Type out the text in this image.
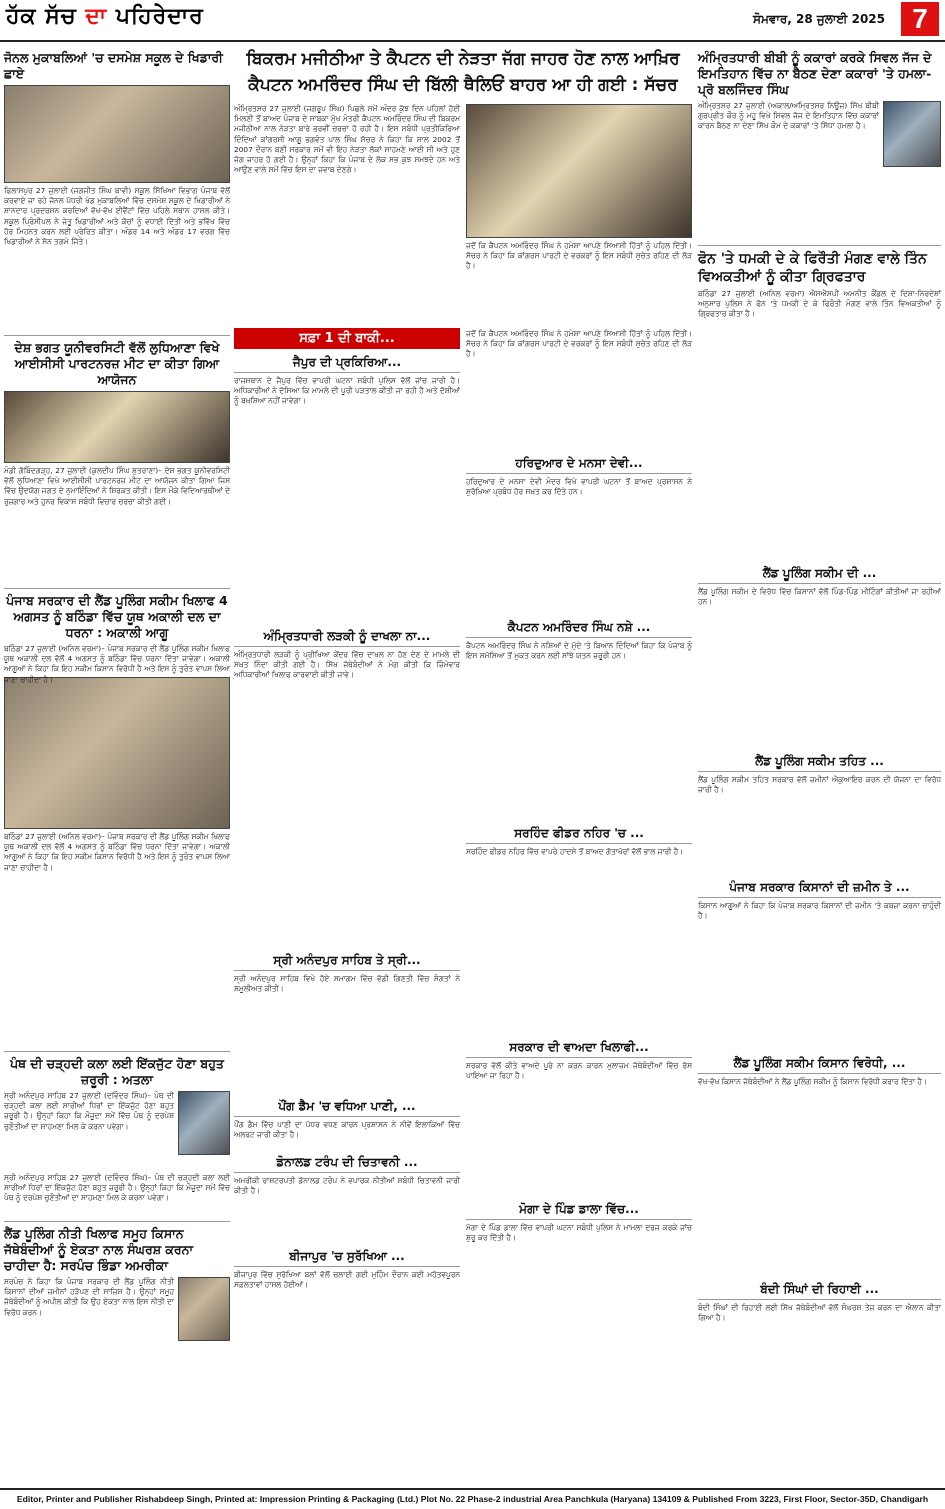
ਹੱਕ ਸੱਚ ਦਾ ਪਹਿਰੇਦਾਰ	ਸੋਮਵਾਰ, 28 ਜੁਲਾਈ 2025 7
ਬਿਕਰਮ ਮਜੀਠੀਆ ਤੇ ਕੈਪਟਨ ਦੀ ਨੇੜਤਾ ਜੱਗ ਜਾਹਰ ਹੋਣ ਨਾਲ ਆਖ਼ਿਰ ਕੈਪਟਨ ਅਮਰਿੰਦਰ ਸਿੰਘ ਦੀ ਬਿੱਲੀ ਥੈਲਿਓਂ ਬਾਹਰ ਆ ਹੀ ਗਈ : ਸੱਚਰ
ਜੋਨਲ ਮੁਕਾਬਲਿਆਂ 'ਚ ਦਸਮੇਸ਼ ਸਕੂਲ ਦੇ ਖਿਡਾਰੀ ਛਾਏ
ਫਿਲਾਸਪੁਰ 27 ਜੁਲਾਈ (ਜਗਜੀਤ ਸਿੰਘ ਬਾਵੀ) ਸਕੂਲ ਸਿੱਖਿਆ ਵਿਭਾਗ ਪੰਜਾਬ ਵੱਲੋਂ ਕਰਵਾਏ ਜਾ ਰਹੇ ਜੋਨਲ ਪੱਧਰੀ ਖੇਡ ਮੁਕਾਬਲਿਆਂ ਵਿੱਚ ਦਸਮੇਸ਼ ਸਕੂਲ ਦੇ ਖਿਡਾਰੀਆਂ ਨੇ ਸ਼ਾਨਦਾਰ ਪ੍ਰਦਰਸ਼ਨ ਕਰਦਿਆਂ ਵੱਖ-ਵੱਖ ਈਵੈਂਟਾਂ ਵਿੱਚ ਪਹਿਲੇ ਸਥਾਨ ਹਾਸਲ ਕੀਤੇ। ਸਕੂਲ ਪ੍ਰਿੰਸੀਪਲ ਨੇ ਜੇਤੂ ਖਿਡਾਰੀਆਂ ਅਤੇ ਕੋਚਾਂ ਨੂੰ ਵਧਾਈ ਦਿੱਤੀ ਅਤੇ ਭਵਿੱਖ ਵਿੱਚ ਹੋਰ ਮਿਹਨਤ ਕਰਨ ਲਈ ਪ੍ਰੇਰਿਤ ਕੀਤਾ। ਅੰਡਰ 14 ਅਤੇ ਅੰਡਰ 17 ਵਰਗ ਵਿੱਚ ਖਿਡਾਰੀਆਂ ਨੇ ਸੋਨ ਤਗਮੇ ਜਿੱਤੇ।
ਦੇਸ਼ ਭਗਤ ਯੂਨੀਵਰਸਿਟੀ ਵੱਲੋਂ ਲੁਧਿਆਣਾ ਵਿਖੇ ਆਈਸੀਸੀ ਪਾਰਟਨਰਜ਼ ਮੀਟ ਦਾ ਕੀਤਾ ਗਿਆ ਆਯੋਜਨ
ਮੰਡੀ ਗੋਬਿੰਦਗੜ੍ਹ, 27 ਜੁਲਾਈ (ਕੁਲਦੀਪ ਸਿੰਘ ਸ਼ੁਤਰਾਣਾ)– ਦੇਸ਼ ਭਗਤ ਯੂਨੀਵਰਸਿਟੀ ਵੱਲੋਂ ਲੁਧਿਆਣਾ ਵਿਖੇ ਆਈਸੀਸੀ ਪਾਰਟਨਰਜ਼ ਮੀਟ ਦਾ ਆਯੋਜਨ ਕੀਤਾ ਗਿਆ ਜਿਸ ਵਿੱਚ ਉਦਯੋਗ ਜਗਤ ਦੇ ਨੁਮਾਇੰਦਿਆਂ ਨੇ ਸ਼ਿਰਕਤ ਕੀਤੀ। ਇਸ ਮੌਕੇ ਵਿਦਿਆਰਥੀਆਂ ਦੇ ਰੁਜ਼ਗਾਰ ਅਤੇ ਹੁਨਰ ਵਿਕਾਸ ਸਬੰਧੀ ਵਿਚਾਰ ਚਰਚਾ ਕੀਤੀ ਗਈ।
ਪੰਜਾਬ ਸਰਕਾਰ ਦੀ ਲੈਂਡ ਪੂਲਿੰਗ ਸਕੀਮ ਖਿਲਾਫ 4 ਅਗਸਤ ਨੂੰ ਬਠਿੰਡਾ ਵਿੱਚ ਯੂਥ ਅਕਾਲੀ ਦਲ ਦਾ ਧਰਨਾ : ਅਕਾਲੀ ਆਗੂ
ਬਠਿੰਡਾ 27 ਜੁਲਾਈ (ਅਨਿਲ ਵਰਮਾ)– ਪੰਜਾਬ ਸਰਕਾਰ ਦੀ ਲੈਂਡ ਪੂਲਿੰਗ ਸਕੀਮ ਖਿਲਾਫ ਯੂਥ ਅਕਾਲੀ ਦਲ ਵੱਲੋਂ 4 ਅਗਸਤ ਨੂੰ ਬਠਿੰਡਾ ਵਿੱਚ ਧਰਨਾ ਦਿੱਤਾ ਜਾਵੇਗਾ। ਅਕਾਲੀ ਆਗੂਆਂ ਨੇ ਕਿਹਾ ਕਿ ਇਹ ਸਕੀਮ ਕਿਸਾਨ ਵਿਰੋਧੀ ਹੈ ਅਤੇ ਇਸ ਨੂੰ ਤੁਰੰਤ ਵਾਪਸ ਲਿਆ ਜਾਣਾ ਚਾਹੀਦਾ ਹੈ।
ਬਠਿੰਡਾ 27 ਜੁਲਾਈ (ਅਨਿਲ ਵਰਮਾ)– ਪੰਜਾਬ ਸਰਕਾਰ ਦੀ ਲੈਂਡ ਪੂਲਿੰਗ ਸਕੀਮ ਖਿਲਾਫ ਯੂਥ ਅਕਾਲੀ ਦਲ ਵੱਲੋਂ 4 ਅਗਸਤ ਨੂੰ ਬਠਿੰਡਾ ਵਿੱਚ ਧਰਨਾ ਦਿੱਤਾ ਜਾਵੇਗਾ। ਅਕਾਲੀ ਆਗੂਆਂ ਨੇ ਕਿਹਾ ਕਿ ਇਹ ਸਕੀਮ ਕਿਸਾਨ ਵਿਰੋਧੀ ਹੈ ਅਤੇ ਇਸ ਨੂੰ ਤੁਰੰਤ ਵਾਪਸ ਲਿਆ ਜਾਣਾ ਚਾਹੀਦਾ ਹੈ।
ਪੰਥ ਦੀ ਚੜ੍ਹਦੀ ਕਲਾ ਲਈ ਇੱਕਜੁੱਟ ਹੋਣਾ ਬਹੁਤ ਜ਼ਰੂਰੀ : ਅਤਲਾ
ਸ੍ਰੀ ਅਨੰਦਪੁਰ ਸਾਹਿਬ 27 ਜੁਲਾਈ (ਦਵਿੰਦਰ ਸਿੰਘ)– ਪੰਥ ਦੀ ਚੜ੍ਹਦੀ ਕਲਾ ਲਈ ਸਾਰੀਆਂ ਧਿਰਾਂ ਦਾ ਇੱਕਜੁੱਟ ਹੋਣਾ ਬਹੁਤ ਜ਼ਰੂਰੀ ਹੈ। ਉਨ੍ਹਾਂ ਕਿਹਾ ਕਿ ਮੌਜੂਦਾ ਸਮੇਂ ਵਿੱਚ ਪੰਥ ਨੂੰ ਦਰਪੇਸ਼ ਚੁਣੌਤੀਆਂ ਦਾ ਸਾਹਮਣਾ ਮਿਲ ਕੇ ਕਰਨਾ ਪਵੇਗਾ।
ਸ੍ਰੀ ਅਨੰਦਪੁਰ ਸਾਹਿਬ 27 ਜੁਲਾਈ (ਦਵਿੰਦਰ ਸਿੰਘ)– ਪੰਥ ਦੀ ਚੜ੍ਹਦੀ ਕਲਾ ਲਈ ਸਾਰੀਆਂ ਧਿਰਾਂ ਦਾ ਇੱਕਜੁੱਟ ਹੋਣਾ ਬਹੁਤ ਜ਼ਰੂਰੀ ਹੈ। ਉਨ੍ਹਾਂ ਕਿਹਾ ਕਿ ਮੌਜੂਦਾ ਸਮੇਂ ਵਿੱਚ ਪੰਥ ਨੂੰ ਦਰਪੇਸ਼ ਚੁਣੌਤੀਆਂ ਦਾ ਸਾਹਮਣਾ ਮਿਲ ਕੇ ਕਰਨਾ ਪਵੇਗਾ।
ਲੈਂਡ ਪੂਲਿੰਗ ਨੀਤੀ ਖਿਲਾਫ ਸਮੂਹ ਕਿਸਾਨ ਜੱਥੇਬੰਦੀਆਂ ਨੂੰ ਏਕਤਾ ਨਾਲ ਸੰਘਰਸ਼ ਕਰਨਾ ਚਾਹੀਦਾ ਹੈ: ਸਰਪੰਚ ਭਿੰਡਾ ਅਮਰੀਕਾ
ਸਰਪੰਚ ਨੇ ਕਿਹਾ ਕਿ ਪੰਜਾਬ ਸਰਕਾਰ ਦੀ ਲੈਂਡ ਪੂਲਿੰਗ ਨੀਤੀ ਕਿਸਾਨਾਂ ਦੀਆਂ ਜ਼ਮੀਨਾਂ ਹੜੱਪਣ ਦੀ ਸਾਜ਼ਿਸ਼ ਹੈ। ਉਨ੍ਹਾਂ ਸਮੂਹ ਜੱਥੇਬੰਦੀਆਂ ਨੂੰ ਅਪੀਲ ਕੀਤੀ ਕਿ ਉਹ ਏਕਤਾ ਨਾਲ ਇਸ ਨੀਤੀ ਦਾ ਵਿਰੋਧ ਕਰਨ।
ਅੰਮ੍ਰਿਤਸਰ 27 ਜੁਲਾਈ (ਜਗਰੂਪ ਸਿੰਘ) ਪਿਛਲੇ ਸਮੇਂ ਅੰਦਰ ਕੁੱਝ ਦਿਨ ਪਹਿਲਾਂ ਹੋਈ ਮਿਲਣੀ ਤੋਂ ਬਾਅਦ ਪੰਜਾਬ ਦੇ ਸਾਬਕਾ ਮੁੱਖ ਮੰਤਰੀ ਕੈਪਟਨ ਅਮਰਿੰਦਰ ਸਿੰਘ ਦੀ ਬਿਕਰਮ ਮਜੀਠੀਆ ਨਾਲ ਨੇੜਤਾ ਬਾਰੇ ਭਰਵੀਂ ਚਰਚਾ ਹੋ ਰਹੀ ਹੈ। ਇਸ ਸਬੰਧੀ ਪ੍ਰਤੀਕਿਰਿਆ ਦਿੰਦਿਆਂ ਕਾਂਗਰਸੀ ਆਗੂ ਭਗਵੰਤ ਪਾਲ ਸਿੰਘ ਸੱਚਰ ਨੇ ਕਿਹਾ ਕਿ ਸਾਲ 2002 ਤੋਂ 2007 ਦੌਰਾਨ ਬਣੀ ਸਰਕਾਰ ਸਮੇਂ ਵੀ ਇਹ ਨੇੜਤਾ ਲੋਕਾਂ ਸਾਹਮਣੇ ਆਈ ਸੀ ਅਤੇ ਹੁਣ ਜੱਗ ਜਾਹਰ ਹੋ ਗਈ ਹੈ। ਉਨ੍ਹਾਂ ਕਿਹਾ ਕਿ ਪੰਜਾਬ ਦੇ ਲੋਕ ਸਭ ਕੁਝ ਸਮਝਦੇ ਹਨ ਅਤੇ ਆਉਣ ਵਾਲੇ ਸਮੇਂ ਵਿੱਚ ਇਸ ਦਾ ਜਵਾਬ ਦੇਣਗੇ।
ਸਫ਼ਾ 1 ਦੀ ਬਾਕੀ...
ਜੈਪੁਰ ਦੀ ਪ੍ਰਕਿਰਿਆ...
ਰਾਜਸਥਾਨ ਦੇ ਜੈਪੁਰ ਵਿੱਚ ਵਾਪਰੀ ਘਟਨਾ ਸਬੰਧੀ ਪੁਲਿਸ ਵੱਲੋਂ ਜਾਂਚ ਜਾਰੀ ਹੈ। ਅਧਿਕਾਰੀਆਂ ਨੇ ਦੱਸਿਆ ਕਿ ਮਾਮਲੇ ਦੀ ਪੂਰੀ ਪੜਤਾਲ ਕੀਤੀ ਜਾ ਰਹੀ ਹੈ ਅਤੇ ਦੋਸ਼ੀਆਂ ਨੂੰ ਬਖ਼ਸ਼ਿਆ ਨਹੀਂ ਜਾਵੇਗਾ।
ਅੰਮ੍ਰਿਤਧਾਰੀ ਲੜਕੀ ਨੂੰ ਦਾਖਲਾ ਨਾ...
ਅੰਮ੍ਰਿਤਧਾਰੀ ਲੜਕੀ ਨੂੰ ਪ੍ਰੀਖਿਆ ਕੇਂਦਰ ਵਿੱਚ ਦਾਖਲ ਨਾ ਹੋਣ ਦੇਣ ਦੇ ਮਾਮਲੇ ਦੀ ਸਖ਼ਤ ਨਿੰਦਾ ਕੀਤੀ ਗਈ ਹੈ। ਸਿੱਖ ਜੱਥੇਬੰਦੀਆਂ ਨੇ ਮੰਗ ਕੀਤੀ ਕਿ ਜ਼ਿੰਮੇਵਾਰ ਅਧਿਕਾਰੀਆਂ ਖਿਲਾਫ ਕਾਰਵਾਈ ਕੀਤੀ ਜਾਵੇ।
ਸ੍ਰੀ ਅਨੰਦਪੁਰ ਸਾਹਿਬ ਤੇ ਸ੍ਰੀ...
ਸ੍ਰੀ ਅਨੰਦਪੁਰ ਸਾਹਿਬ ਵਿਖੇ ਹੋਏ ਸਮਾਗਮ ਵਿੱਚ ਵੱਡੀ ਗਿਣਤੀ ਵਿੱਚ ਸੰਗਤਾਂ ਨੇ ਸ਼ਮੂਲੀਅਤ ਕੀਤੀ।
ਪੌਂਗ ਡੈਮ 'ਚ ਵਧਿਆ ਪਾਣੀ, ...
ਪੌਂਗ ਡੈਮ ਵਿੱਚ ਪਾਣੀ ਦਾ ਪੱਧਰ ਵਧਣ ਕਾਰਨ ਪ੍ਰਸ਼ਾਸਨ ਨੇ ਨੀਵੇਂ ਇਲਾਕਿਆਂ ਵਿੱਚ ਅਲਰਟ ਜਾਰੀ ਕੀਤਾ ਹੈ।
ਡੋਨਾਲਡ ਟਰੰਪ ਦੀ ਚਿਤਾਵਨੀ ...
ਅਮਰੀਕੀ ਰਾਸ਼ਟਰਪਤੀ ਡੋਨਾਲਡ ਟਰੰਪ ਨੇ ਵਪਾਰਕ ਨੀਤੀਆਂ ਸਬੰਧੀ ਚਿਤਾਵਨੀ ਜਾਰੀ ਕੀਤੀ ਹੈ।
ਬੀਜਾਪੁਰ 'ਚ ਸੁਰੱਖਿਆ ...
ਬੀਜਾਪੁਰ ਵਿੱਚ ਸੁਰੱਖਿਆ ਬਲਾਂ ਵੱਲੋਂ ਚਲਾਈ ਗਈ ਮੁਹਿੰਮ ਦੌਰਾਨ ਕਈ ਮਹੱਤਵਪੂਰਨ ਸਫ਼ਲਤਾਵਾਂ ਹਾਸਲ ਹੋਈਆਂ।
ਜਦੋਂ ਕਿ ਕੈਪਟਨ ਅਮਰਿੰਦਰ ਸਿੰਘ ਨੇ ਹਮੇਸ਼ਾ ਆਪਣੇ ਸਿਆਸੀ ਹਿੱਤਾਂ ਨੂੰ ਪਹਿਲ ਦਿੱਤੀ। ਸੱਚਰ ਨੇ ਕਿਹਾ ਕਿ ਕਾਂਗਰਸ ਪਾਰਟੀ ਦੇ ਵਰਕਰਾਂ ਨੂੰ ਇਸ ਸਬੰਧੀ ਸੁਚੇਤ ਰਹਿਣ ਦੀ ਲੋੜ ਹੈ।
ਜਦੋਂ ਕਿ ਕੈਪਟਨ ਅਮਰਿੰਦਰ ਸਿੰਘ ਨੇ ਹਮੇਸ਼ਾ ਆਪਣੇ ਸਿਆਸੀ ਹਿੱਤਾਂ ਨੂੰ ਪਹਿਲ ਦਿੱਤੀ। ਸੱਚਰ ਨੇ ਕਿਹਾ ਕਿ ਕਾਂਗਰਸ ਪਾਰਟੀ ਦੇ ਵਰਕਰਾਂ ਨੂੰ ਇਸ ਸਬੰਧੀ ਸੁਚੇਤ ਰਹਿਣ ਦੀ ਲੋੜ ਹੈ।
ਹਰਿਦੁਆਰ ਦੇ ਮਨਸਾ ਦੇਵੀ...
ਹਰਿਦੁਆਰ ਦੇ ਮਨਸਾ ਦੇਵੀ ਮੰਦਰ ਵਿਖੇ ਵਾਪਰੀ ਘਟਨਾ ਤੋਂ ਬਾਅਦ ਪ੍ਰਸ਼ਾਸਨ ਨੇ ਸੁਰੱਖਿਆ ਪ੍ਰਬੰਧ ਹੋਰ ਸਖ਼ਤ ਕਰ ਦਿੱਤੇ ਹਨ।
ਕੈਪਟਨ ਅਮਰਿੰਦਰ ਸਿੰਘ ਨਸ਼ੇ ...
ਕੈਪਟਨ ਅਮਰਿੰਦਰ ਸਿੰਘ ਨੇ ਨਸ਼ਿਆਂ ਦੇ ਮੁੱਦੇ 'ਤੇ ਬਿਆਨ ਦਿੰਦਿਆਂ ਕਿਹਾ ਕਿ ਪੰਜਾਬ ਨੂੰ ਇਸ ਸਮੱਸਿਆ ਤੋਂ ਮੁਕਤ ਕਰਨ ਲਈ ਸਾਂਝੇ ਯਤਨ ਜ਼ਰੂਰੀ ਹਨ।
ਸਰਹਿੰਦ ਫੀਡਰ ਨਹਿਰ 'ਚ ...
ਸਰਹਿੰਦ ਫੀਡਰ ਨਹਿਰ ਵਿੱਚ ਵਾਪਰੇ ਹਾਦਸੇ ਤੋਂ ਬਾਅਦ ਗੋਤਾਖੋਰਾਂ ਵੱਲੋਂ ਭਾਲ ਜਾਰੀ ਹੈ।
ਸਰਕਾਰ ਦੀ ਵਾਅਦਾ ਖਿਲਾਫੀ...
ਸਰਕਾਰ ਵੱਲੋਂ ਕੀਤੇ ਵਾਅਦੇ ਪੂਰੇ ਨਾ ਕਰਨ ਕਾਰਨ ਮੁਲਾਜ਼ਮ ਜੱਥੇਬੰਦੀਆਂ ਵਿੱਚ ਰੋਸ ਪਾਇਆ ਜਾ ਰਿਹਾ ਹੈ।
ਮੋਗਾ ਦੇ ਪਿੰਡ ਡਾਲਾ ਵਿੱਚ...
ਮੋਗਾ ਦੇ ਪਿੰਡ ਡਾਲਾ ਵਿੱਚ ਵਾਪਰੀ ਘਟਨਾ ਸਬੰਧੀ ਪੁਲਿਸ ਨੇ ਮਾਮਲਾ ਦਰਜ ਕਰਕੇ ਜਾਂਚ ਸ਼ੁਰੂ ਕਰ ਦਿੱਤੀ ਹੈ।
ਅੰਮ੍ਰਿਤਧਾਰੀ ਬੀਬੀ ਨੂੰ ਕਕਾਰਾਂ ਕਰਕੇ ਸਿਵਲ ਜੱਜ ਦੇ ਇਮਤਿਹਾਨ ਵਿੱਚ ਨਾ ਬੈਠਣ ਦੇਣਾ ਕਕਾਰਾਂ 'ਤੇ ਹਮਲਾ- ਪ੍ਰੋ ਬਲਜਿੰਦਰ ਸਿੰਘ
ਅੰਮ੍ਰਿਤਸਰ 27 ਜੁਲਾਈ (ਅਕਾਲ/ਅਮ੍ਰਿਤਸਰ ਨਿਊਜ਼) ਸਿੱਖ ਬੀਬੀ ਗੁਰਪ੍ਰੀਤ ਕੌਰ ਨੂੰ ਮਹੂ ਵਿਖੇ ਸਿਵਲ ਜੱਜ ਦੇ ਇਮਤਿਹਾਨ ਵਿੱਚ ਕਕਾਰਾਂ ਕਾਰਨ ਬੈਠਣ ਨਾ ਦੇਣਾ ਸਿੱਖ ਕੌਮ ਦੇ ਕਕਾਰਾਂ 'ਤੇ ਸਿੱਧਾ ਹਮਲਾ ਹੈ।
ਫੋਨ 'ਤੇ ਧਮਕੀ ਦੇ ਕੇ ਫਿਰੌਤੀ ਮੰਗਣ ਵਾਲੇ ਤਿੰਨ ਵਿਅਕਤੀਆਂ ਨੂੰ ਕੀਤਾ ਗ੍ਰਿਫਤਾਰ
ਬਠਿੰਡਾ 27 ਜੁਲਾਈ (ਅਨਿਲ ਵਰਮਾ) ਐਸਐਸਪੀ ਅਮਨੀਤ ਕੌਂਡਲ ਦੇ ਦਿਸ਼ਾ-ਨਿਰਦੇਸ਼ਾਂ ਅਨੁਸਾਰ ਪੁਲਿਸ ਨੇ ਫੋਨ 'ਤੇ ਧਮਕੀ ਦੇ ਕੇ ਫਿਰੌਤੀ ਮੰਗਣ ਵਾਲੇ ਤਿੰਨ ਵਿਅਕਤੀਆਂ ਨੂੰ ਗ੍ਰਿਫਤਾਰ ਕੀਤਾ ਹੈ।
ਲੈਂਡ ਪੂਲਿੰਗ ਸਕੀਮ ਦੀ ...
ਲੈਂਡ ਪੂਲਿੰਗ ਸਕੀਮ ਦੇ ਵਿਰੋਧ ਵਿੱਚ ਕਿਸਾਨਾਂ ਵੱਲੋਂ ਪਿੰਡ-ਪਿੰਡ ਮੀਟਿੰਗਾਂ ਕੀਤੀਆਂ ਜਾ ਰਹੀਆਂ ਹਨ।
ਲੈਂਡ ਪੂਲਿੰਗ ਸਕੀਮ ਤਹਿਤ ...
ਲੈਂਡ ਪੂਲਿੰਗ ਸਕੀਮ ਤਹਿਤ ਸਰਕਾਰ ਵੱਲੋਂ ਜ਼ਮੀਨਾਂ ਐਕੁਆਇਰ ਕਰਨ ਦੀ ਯੋਜਨਾ ਦਾ ਵਿਰੋਧ ਜਾਰੀ ਹੈ।
ਪੰਜਾਬ ਸਰਕਾਰ ਕਿਸਾਨਾਂ ਦੀ ਜ਼ਮੀਨ ਤੇ ...
ਕਿਸਾਨ ਆਗੂਆਂ ਨੇ ਕਿਹਾ ਕਿ ਪੰਜਾਬ ਸਰਕਾਰ ਕਿਸਾਨਾਂ ਦੀ ਜ਼ਮੀਨ 'ਤੇ ਕਬਜ਼ਾ ਕਰਨਾ ਚਾਹੁੰਦੀ ਹੈ।
ਲੈਂਡ ਪੂਲਿੰਗ ਸਕੀਮ ਕਿਸਾਨ ਵਿਰੋਧੀ, ...
ਵੱਖ-ਵੱਖ ਕਿਸਾਨ ਜੱਥੇਬੰਦੀਆਂ ਨੇ ਲੈਂਡ ਪੂਲਿੰਗ ਸਕੀਮ ਨੂੰ ਕਿਸਾਨ ਵਿਰੋਧੀ ਕਰਾਰ ਦਿੱਤਾ ਹੈ।
ਬੰਦੀ ਸਿੰਘਾਂ ਦੀ ਰਿਹਾਈ ...
ਬੰਦੀ ਸਿੰਘਾਂ ਦੀ ਰਿਹਾਈ ਲਈ ਸਿੱਖ ਜੱਥੇਬੰਦੀਆਂ ਵੱਲੋਂ ਸੰਘਰਸ਼ ਤੇਜ਼ ਕਰਨ ਦਾ ਐਲਾਨ ਕੀਤਾ ਗਿਆ ਹੈ।
Editor, Printer and Publisher Rishabdeep Singh, Printed at: Impression Printing & Packaging (Ltd.) Plot No. 22 Phase-2 industrial Area Panchkula (Haryana) 134109 & Published From 3223, First Floor, Sector-35D, Chandigarh
